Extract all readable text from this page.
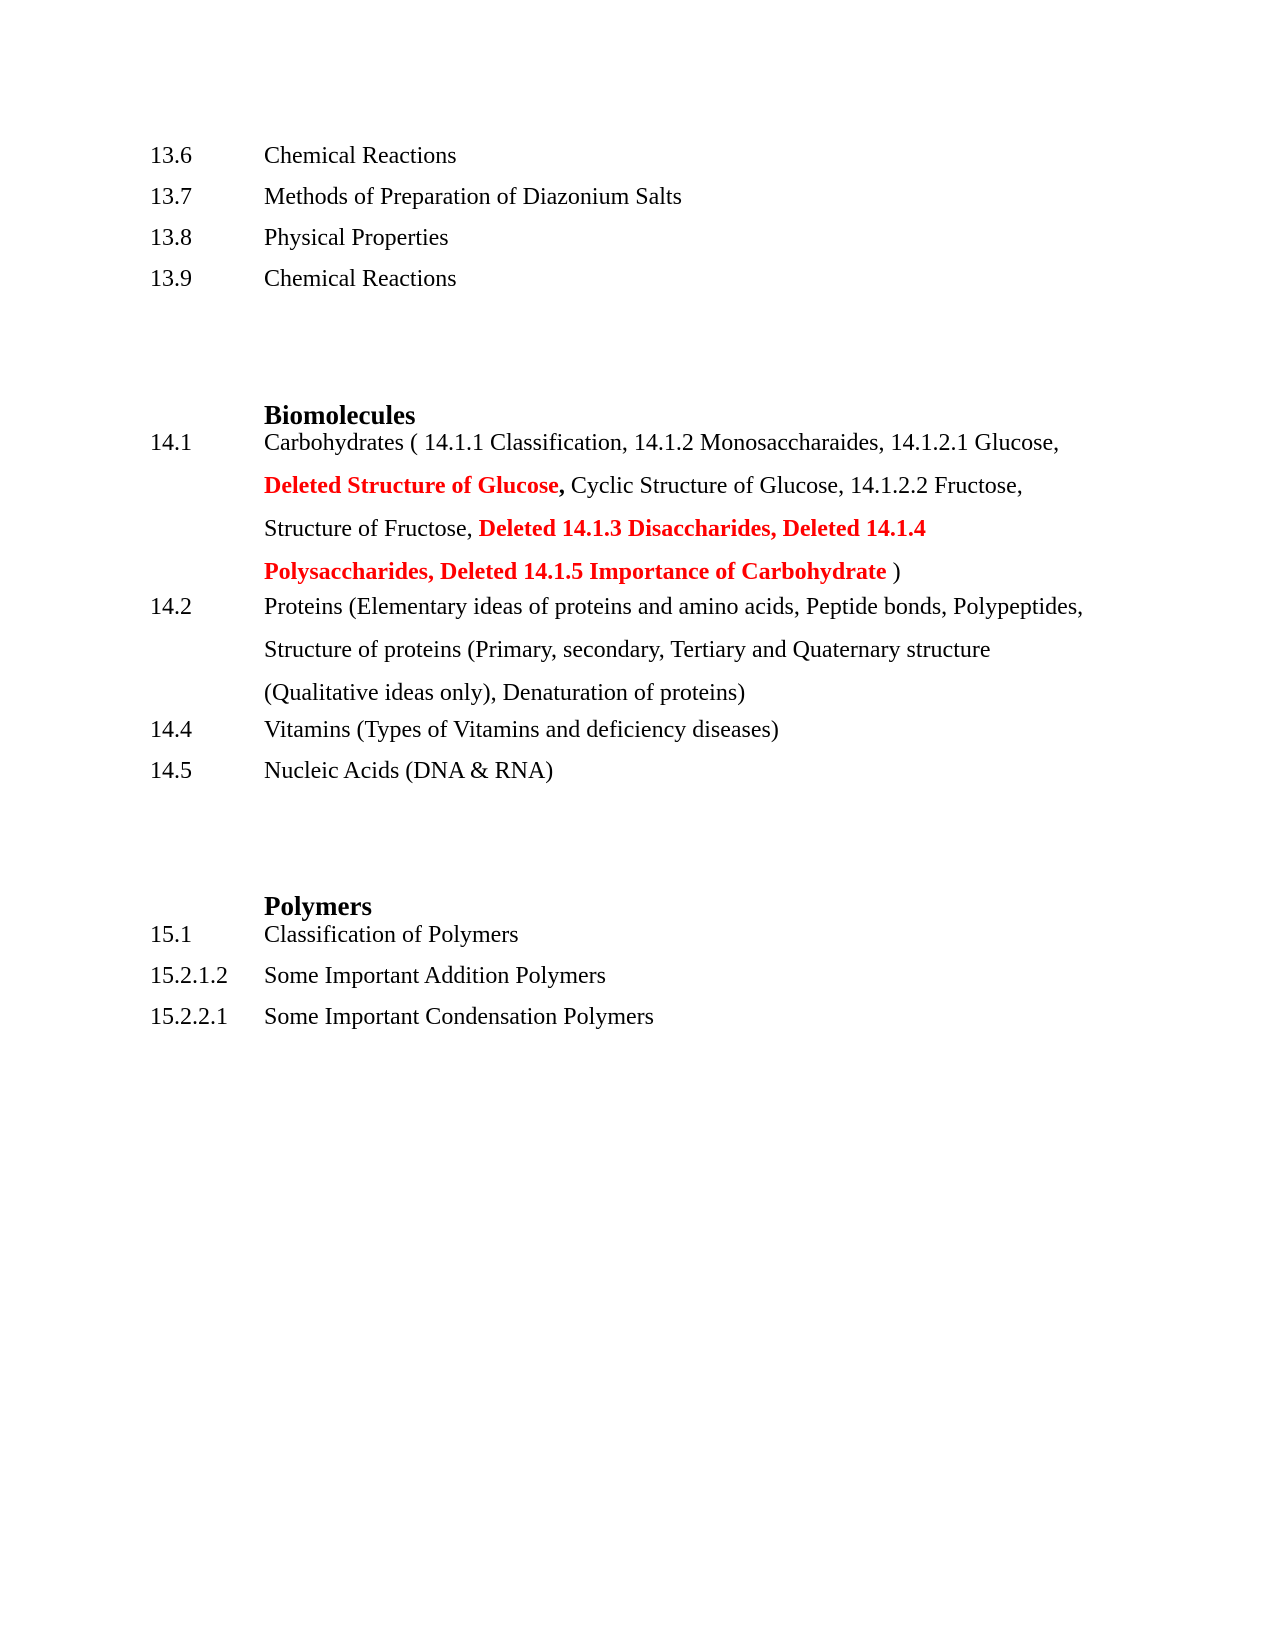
13.6	Chemical Reactions
13.7	Methods of Preparation of Diazonium Salts
13.8	Physical Properties
13.9	Chemical Reactions
Biomolecules
14.1	Carbohydrates ( 14.1.1 Classification, 14.1.2 Monosaccharaides, 14.1.2.1 Glucose, Deleted Structure of Glucose, Cyclic Structure of Glucose, 14.1.2.2 Fructose, Structure of Fructose, Deleted 14.1.3 Disaccharides, Deleted 14.1.4 Polysaccharides, Deleted 14.1.5 Importance of Carbohydrate )
14.2	Proteins (Elementary ideas of proteins and amino acids, Peptide bonds, Polypeptides, Structure of proteins (Primary, secondary, Tertiary and Quaternary structure (Qualitative ideas only), Denaturation of proteins)
14.4	Vitamins (Types of Vitamins and deficiency diseases)
14.5	Nucleic Acids (DNA & RNA)
Polymers
15.1	Classification of Polymers
15.2.1.2	Some Important Addition Polymers
15.2.2.1	Some Important Condensation Polymers
